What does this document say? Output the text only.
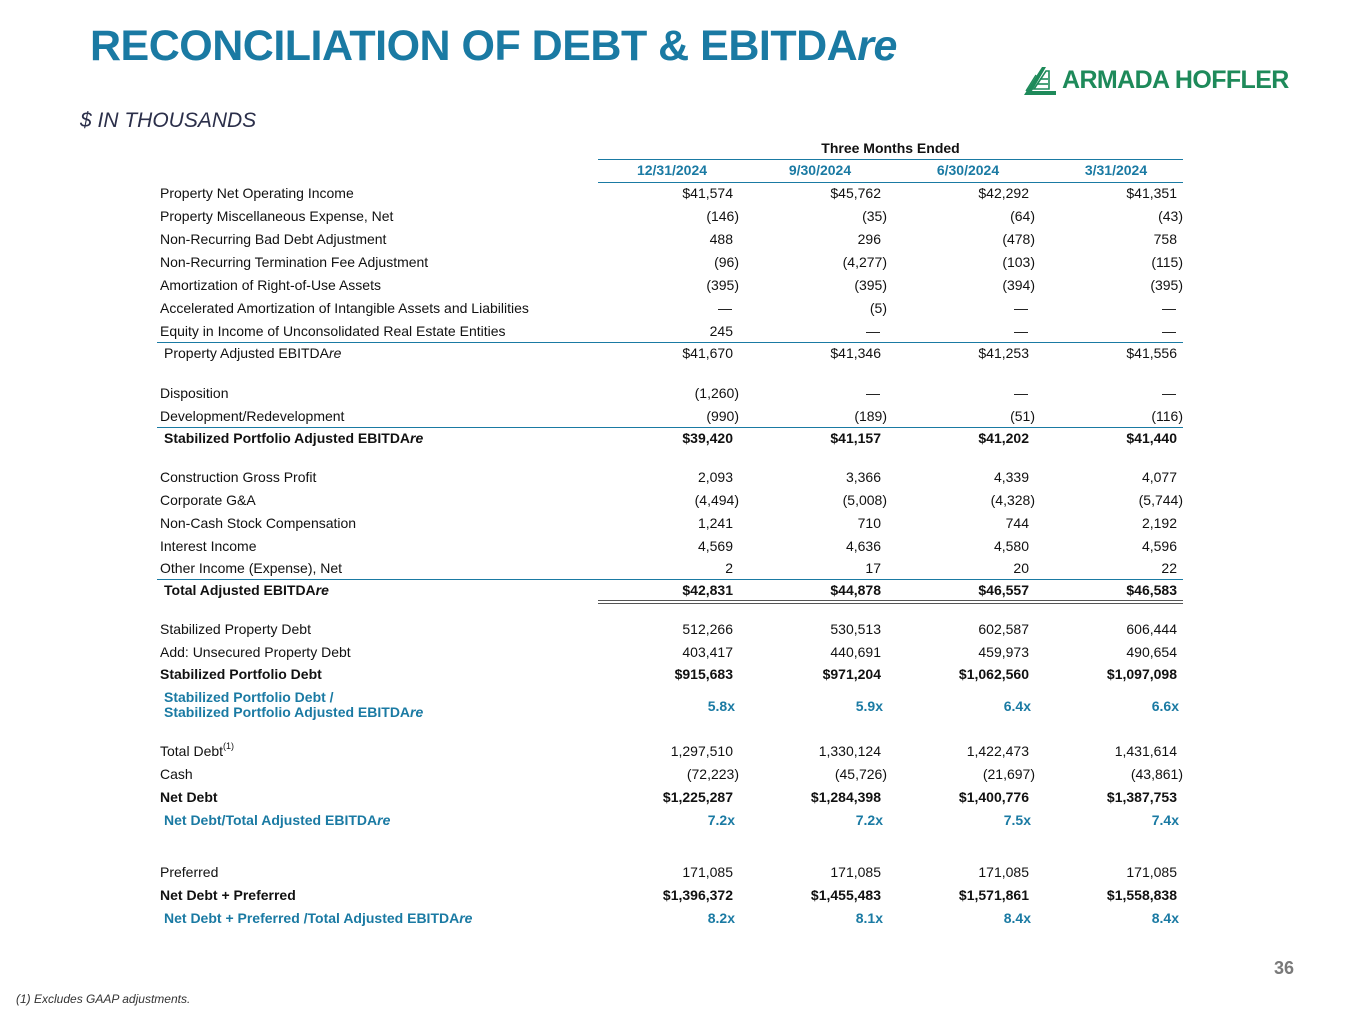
RECONCILIATION OF DEBT & EBITDAre
ARMADA HOFFLER
$ IN THOUSANDS
Three Months Ended
12/31/2024	9/30/2024	6/30/2024	3/31/2024
Property Net Operating Income	$41,574	$45,762	$42,292	$41,351
Property Miscellaneous Expense, Net	(146)	(35)	(64)	(43)
Non-Recurring Bad Debt Adjustment	488	296	(478)	758
Non-Recurring Termination Fee Adjustment	(96)	(4,277)	(103)	(115)
Amortization of Right-of-Use Assets	(395)	(395)	(394)	(395)
Accelerated Amortization of Intangible Assets and Liabilities	—	(5)	—	—
Equity in Income of Unconsolidated Real Estate Entities	245	—	—	—
Property Adjusted EBITDAre	$41,670	$41,346	$41,253	$41,556
Disposition	(1,260)	—	—	—
Development/Redevelopment	(990)	(189)	(51)	(116)
Stabilized Portfolio Adjusted EBITDAre	$39,420	$41,157	$41,202	$41,440
Construction Gross Profit	2,093	3,366	4,339	4,077
Corporate G&A	(4,494)	(5,008)	(4,328)	(5,744)
Non-Cash Stock Compensation	1,241	710	744	2,192
Interest Income	4,569	4,636	4,580	4,596
Other Income (Expense), Net	2	17	20	22
Total Adjusted EBITDAre	$42,831	$44,878	$46,557	$46,583
Stabilized Property Debt	512,266	530,513	602,587	606,444
Add: Unsecured Property Debt	403,417	440,691	459,973	490,654
Stabilized Portfolio Debt	$915,683	$971,204	$1,062,560	$1,097,098
Stabilized Portfolio Debt /
Stabilized Portfolio Adjusted EBITDAre	5.8x	5.9x	6.4x	6.6x
Total Debt$^{(1)}$	1,297,510	1,330,124	1,422,473	1,431,614
Cash	(72,223)	(45,726)	(21,697)	(43,861)
Net Debt	$1,225,287	$1,284,398	$1,400,776	$1,387,753
Net Debt/Total Adjusted EBITDAre	7.2x	7.2x	7.5x	7.4x
Preferred	171,085	171,085	171,085	171,085
Net Debt + Preferred	$1,396,372	$1,455,483	$1,571,861	$1,558,838
Net Debt + Preferred /Total Adjusted EBITDAre	8.2x	8.1x	8.4x	8.4x
36
(1) Excludes GAAP adjustments.
